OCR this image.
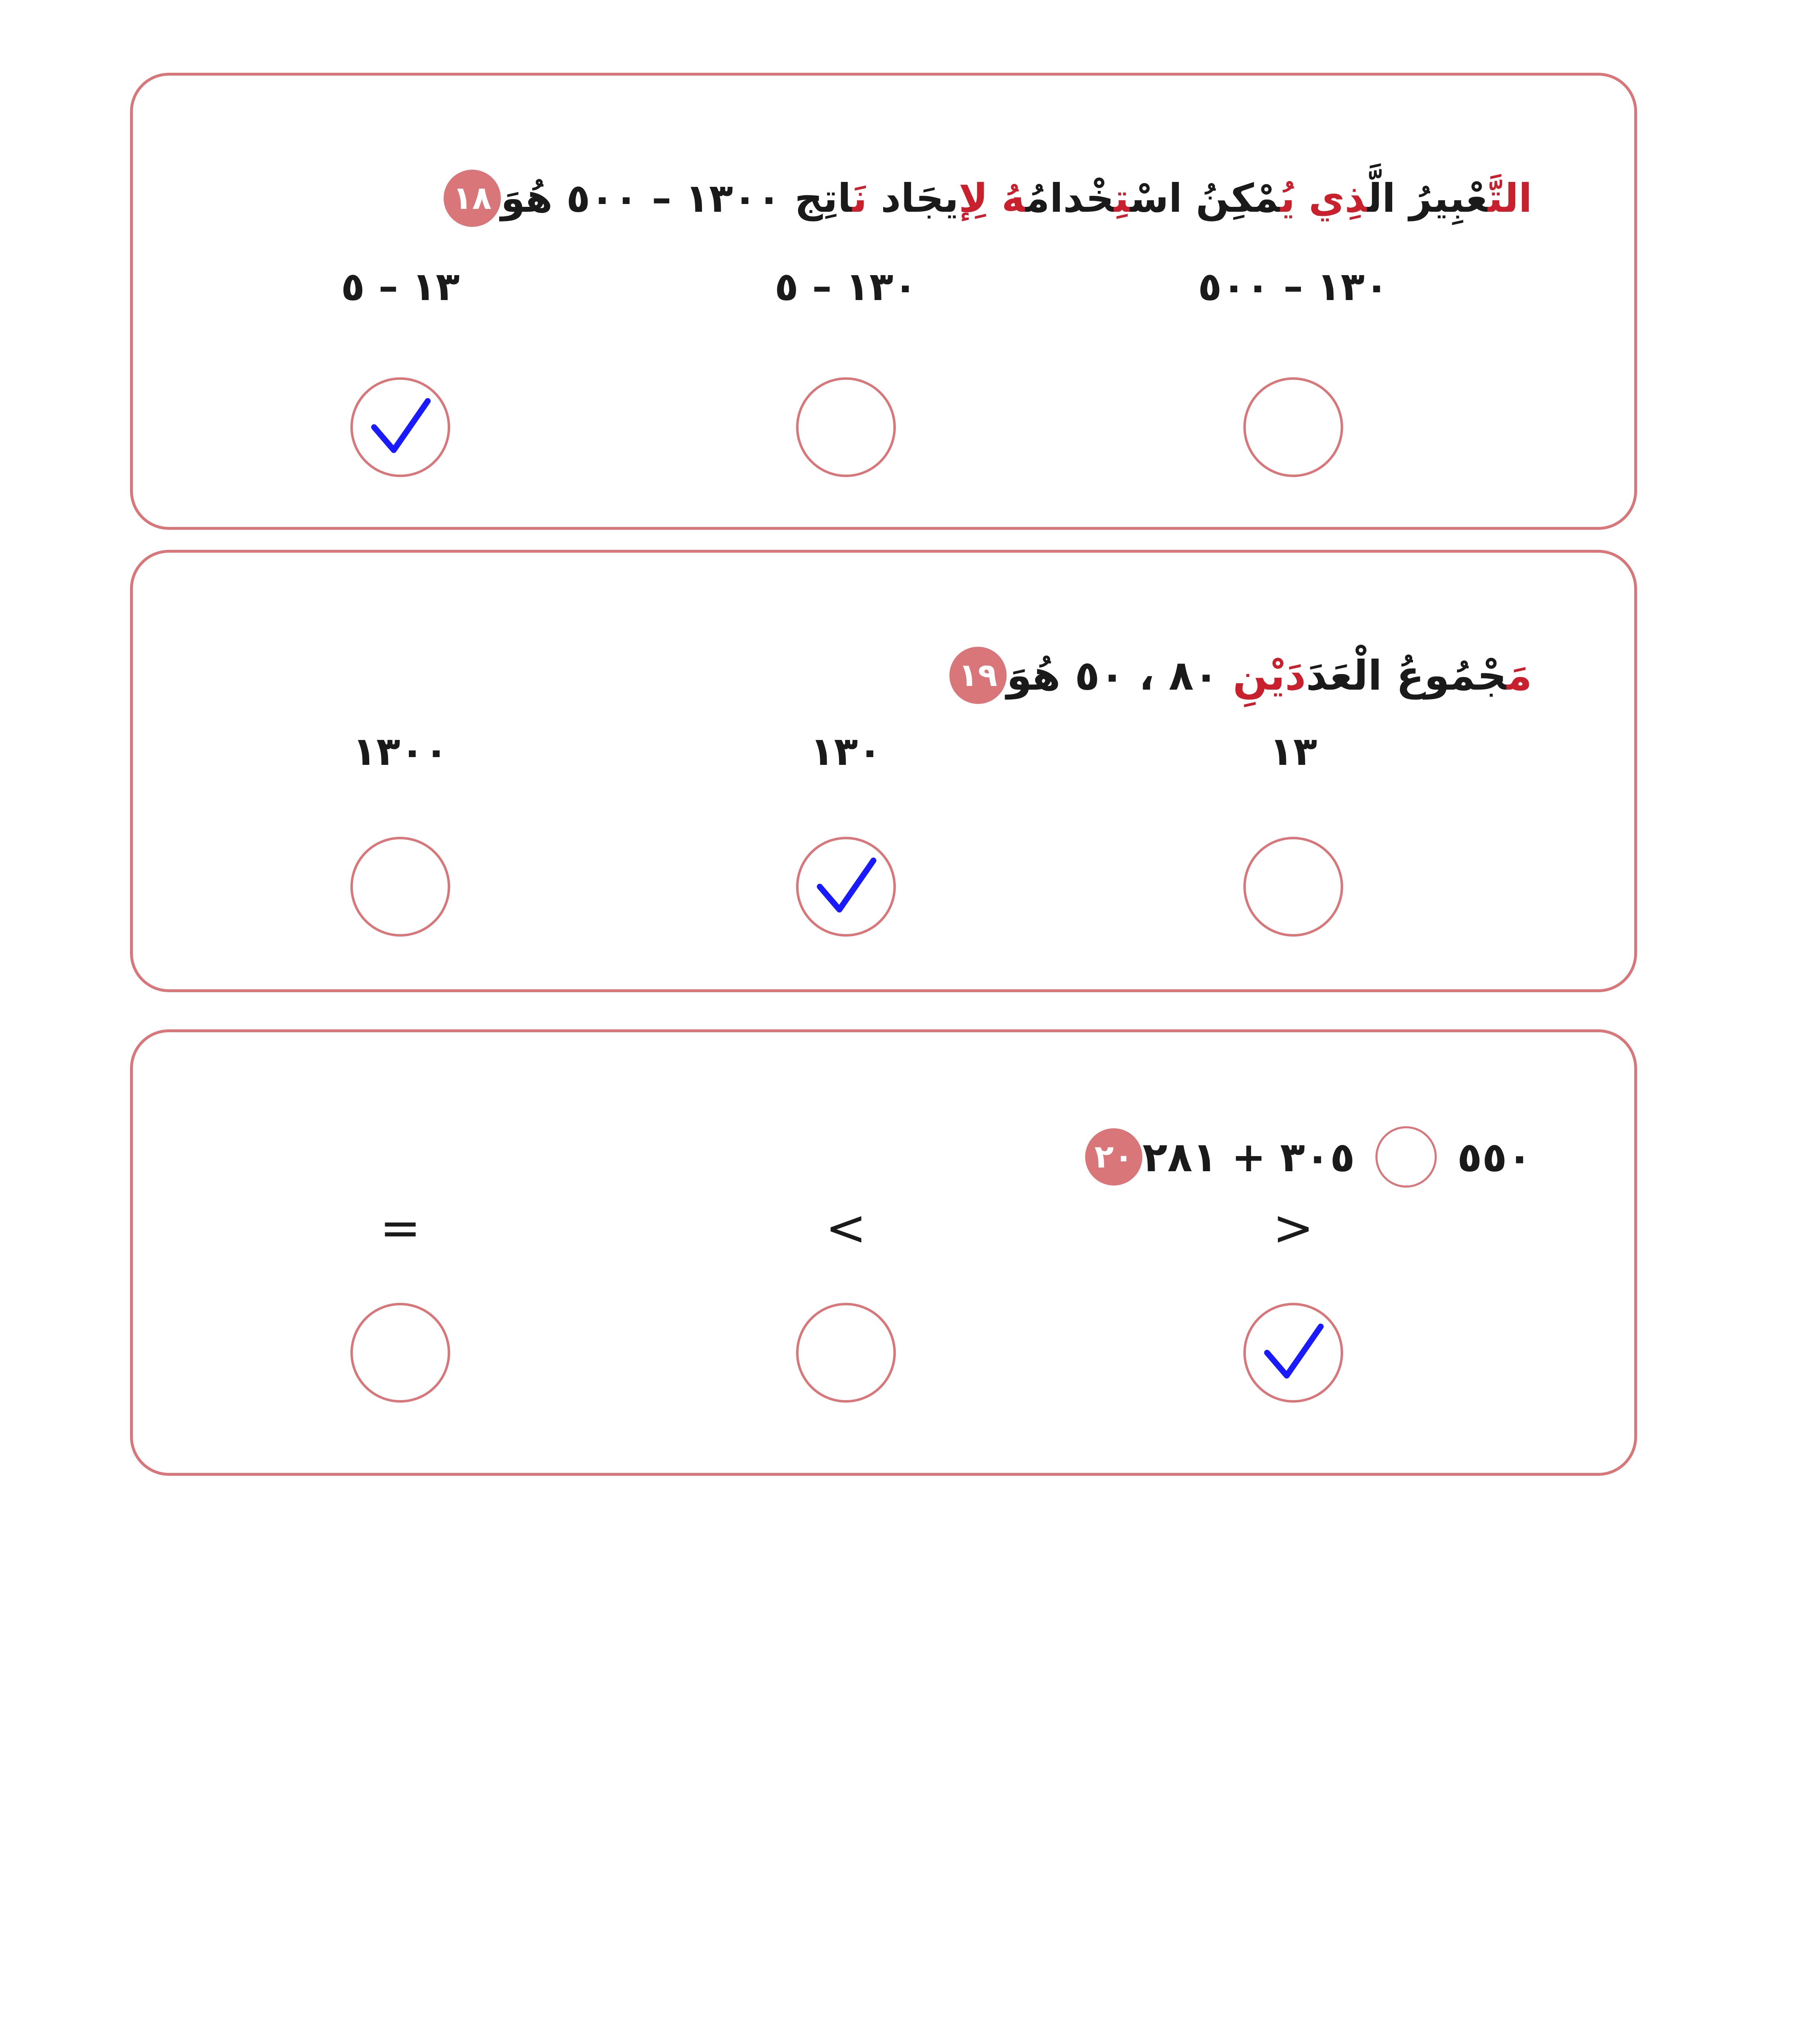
١٨	التَّعْبِيرُ الَّذِي يُمْكِنُ اسْتِخْدامُهُ لِإيجَاد نَاتِج ١٣٠٠ – ٥٠٠ هُوَ
١٣٠ – ٥٠٠
١٣٠ – ٥
١٣ – ٥
١٩	مَجْمُوعُ الْعَدَدَيْنِ ٨٠ ، ٥٠ هُوَ
١٣
١٣٠
١٣٠٠
٢٠ ٣٠٥ + ٢٨١	٥٥٠
<
>
=
